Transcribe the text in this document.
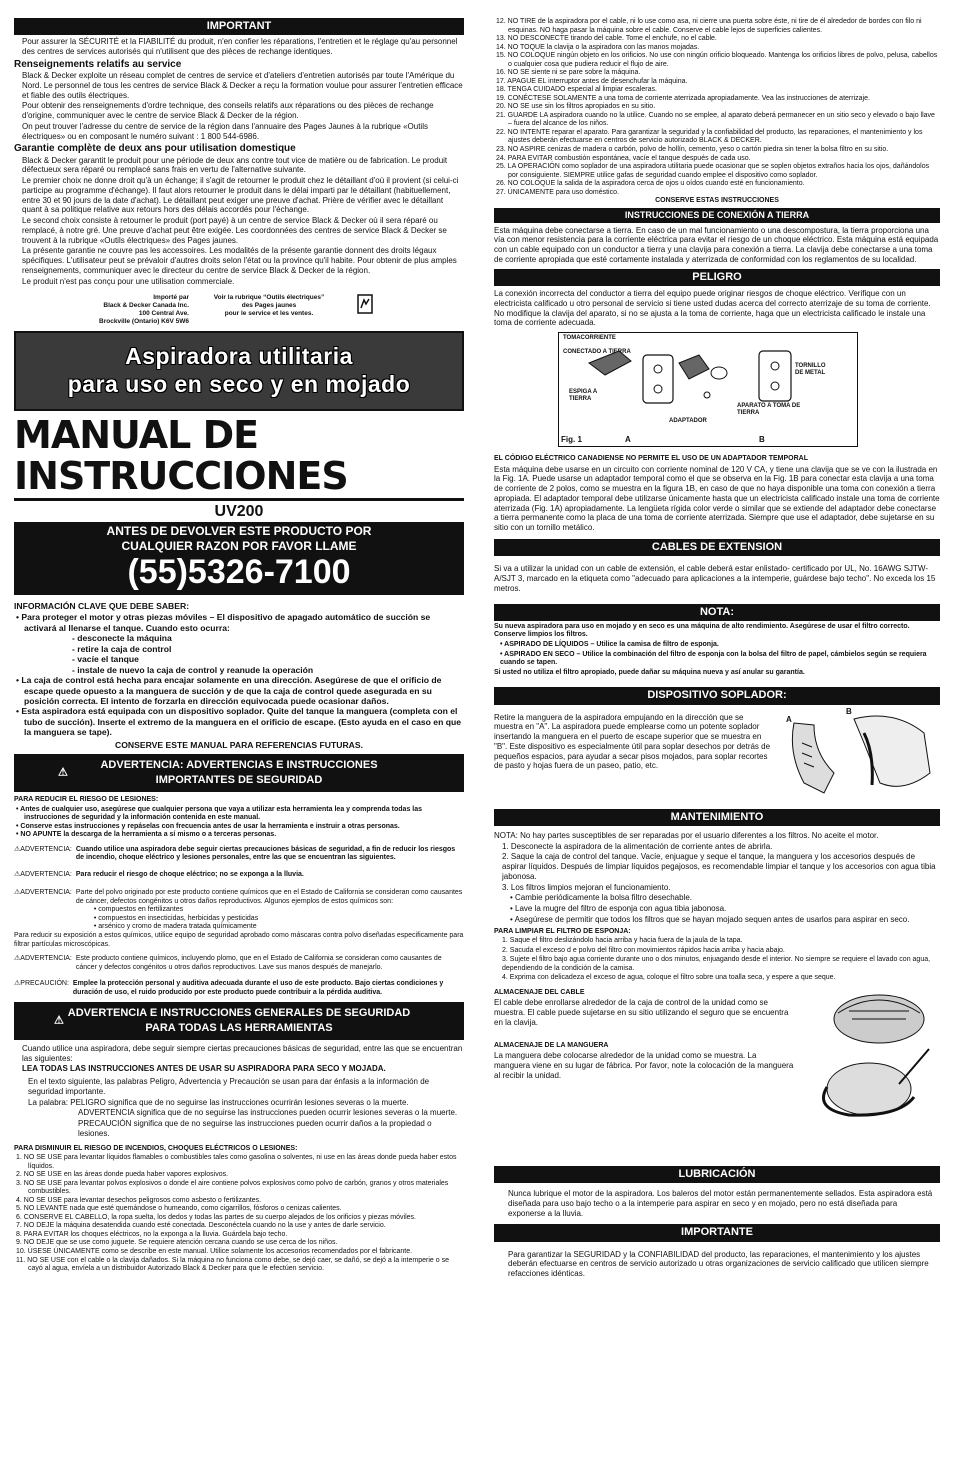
IMPORTANT

Pour assurer la SÉCURITÉ et la FIABILITÉ du produit, n'en confier les réparations, l'entretien et le réglage qu'au personnel des centres de services autorisés qui n'utilisent que des pièces de rechange identiques.

Renseignements relatifs au service

Black & Decker exploite un réseau complet de centres de service et d'ateliers d'entretien autorisés par toute l'Amérique du Nord. Le personnel de tous les centres de service Black & Decker a reçu la formation voulue pour assurer l'entretien efficace et fiable des outils électriques.

Pour obtenir des renseignements d'ordre technique, des conseils relatifs aux réparations ou des pièces de rechange d'origine, communiquer avec le centre de service Black & Decker de la région.

On peut trouver l'adresse du centre de service de la région dans l'annuaire des Pages Jaunes à la rubrique «Outils électriques» ou en composant le numéro suivant : 1 800 544-6986.

Garantie complète de deux ans pour utilisation domestique

Black & Decker garantit le produit pour une période de deux ans contre tout vice de matière ou de fabrication. Le produit défectueux sera réparé ou remplacé sans frais en vertu de l'alternative suivante.

Le premier choix ne donne droit qu'à un échange; il s'agit de retourner le produit chez le détaillant d'où il provient (si celui-ci participe au programme d'échange). Il faut alors retourner le produit dans le délai imparti par le détaillant (habituellement, entre 30 et 90 jours de la date d'achat). Le détaillant peut exiger une preuve d'achat. Prière de vérifier avec le détaillant quant à sa politique relative aux retours hors des délais accordés pour l'échange.

Le second choix consiste à retourner le produit (port payé) à un centre de service Black & Decker où il sera réparé ou remplacé, à notre gré. Une preuve d'achat peut être exigée. Les coordonnées des centres de service Black & Decker se trouvent à la rubrique «Outils électriques» des Pages jaunes.

La présente garantie ne couvre pas les accessoires. Les modalités de la présente garantie donnent des droits légaux spécifiques. L'utilisateur peut se prévaloir d'autres droits selon l'état ou la province qu'il habite. Pour obtenir de plus amples renseignements, communiquer avec le directeur du centre de service Black & Decker de la région.

Le produit n'est pas conçu pour une utilisation commerciale.

Importé par
Black & Decker Canada Inc.
100 Central Ave.
Brockville (Ontario) K6V 5W6
Voir la rubrique “Outils électriques”
des Pages jaunes
pour le service et les ventes.
Aspiradora utilitaria
para uso en seco y en mojado
MANUAL DE INSTRUCCIONES
UV200
ANTES DE DEVOLVER ESTE PRODUCTO POR
CUALQUIER RAZON POR FAVOR LLAME
(55)5326-7100

INFORMACIÓN CLAVE QUE DEBE SABER:

• Para proteger el motor y otras piezas móviles – El dispositivo de apagado automático de succión se activará al llenarse el tanque. Cuando esto ocurra:
- desconecte la máquina
- retire la caja de control
- vacíe el tanque
- instale de nuevo la caja de control y reanude la operación
• La caja de control está hecha para encajar solamente en una dirección. Asegúrese de que el orificio de escape quede opuesto a la manguera de succión y de que la caja de control quede asegurada en su posición correcta. El intento de forzarla en dirección equivocada puede ocasionar daños.
• Esta aspiradora está equipada con un dispositivo soplador. Quite del tanque la manguera (completa con el tubo de succión). Inserte el extremo de la manguera en el orificio de escape. (Esto ayuda en el caso en que la manguera se tape).

CONSERVE ESTE MANUAL PARA REFERENCIAS FUTURAS.

⚠
ADVERTENCIA: ADVERTENCIAS E INSTRUCCIONES
IMPORTANTES DE SEGURIDAD

PARA REDUCIR EL RIESGO DE LESIONES:

• Antes de cualquier uso, asegúrese que cualquier persona que vaya a utilizar esta herramienta lea y comprenda todas las instrucciones de seguridad y la información contenida en este manual.
• Conserve estas instrucciones y repáselas con frecuencia antes de usar la herramienta e instruir a otras personas.
• NO APUNTE la descarga de la herramienta a sí mismo o a terceras personas.
⚠ADVERTENCIA: Cuando utilice una aspiradora debe seguir ciertas precauciones básicas de seguridad, a fin de reducir los riesgos de incendio, choque eléctrico y lesiones personales, entre las que se encuentran las siguientes.
⚠ADVERTENCIA: Para reducir el riesgo de choque eléctrico; no se exponga a la lluvia.
⚠ADVERTENCIA: Parte del polvo originado por este producto contiene químicos que en el Estado de California se consideran como causantes de cáncer, defectos congénitos u otros daños reproductivos. Algunos ejemplos de estos químicos son:
• compuestos en fertilizantes
• compuestos en insecticidas, herbicidas y pesticidas
• arsénico y cromo de madera tratada químicamente

Para reducir su exposición a estos químicos, utilice equipo de seguridad aprobado como máscaras contra polvo diseñadas especificamente para filtrar partículas microscópicas.

⚠ADVERTENCIA: Este producto contiene químicos, incluyendo plomo, que en el Estado de California se consideran como causantes de cáncer y defectos congénitos u otros daños reproductivos. Lave sus manos después de manejarlo.
⚠PRECAUCIÓN: Emplee la protección personal y auditiva adecuada durante el uso de este producto. Bajo ciertas condiciones y duración de uso, el ruido producido por este producto puede contribuir a la pérdida auditiva.
⚠
ADVERTENCIA E INSTRUCCIONES GENERALES DE SEGURIDAD
PARA TODAS LAS HERRAMIENTAS

Cuando utilice una aspiradora, debe seguir siempre ciertas precauciones básicas de seguridad, entre las que se encuentran las siguientes:

LEA TODAS LAS INSTRUCCIONES ANTES DE USAR SU ASPIRADORA PARA SECO Y MOJADA.

En el texto siguiente, las palabras Peligro, Advertencia y Precaución se usan para dar énfasis a la información de seguridad importante.

La palabra: PELIGRO significa que de no seguirse las instrucciones ocurrirán lesiones severas o la muerte.

ADVERTENCIA significa que de no seguirse las instrucciones pueden ocurrir lesiones severas o la muerte.

PRECAUCIÓN significa que de no seguirse las instrucciones pueden ocurrir daños a la propiedad o lesiones.

PARA DISMINUIR EL RIESGO DE INCENDIOS, CHOQUES ELÉCTRICOS O LESIONES:

1. NO SE USE para levantar líquidos flamables o combustibles tales como gasolina o solventes, ni use en las áreas donde pueda haber estos líquidos.
2. NO SE USE en las áreas donde pueda haber vapores explosivos.
3. NO SE USE para levantar polvos explosivos o donde el aire contiene polvos explosivos como polvo de carbón, granos y otros materiales combustibles.
4. NO SE USE para levantar desechos peligrosos como asbesto o fertilizantes.
5. NO LEVANTE nada que esté quemándose o humeando, como cigarrillos, fósforos o cenizas calientes.
6. CONSERVE EL CABELLO, la ropa suelta, los dedos y todas las partes de su cuerpo alejados de los orificios y piezas móviles.
7. NO DEJE la máquina desatendida cuando esté conectada. Desconéctela cuando no la use y antes de darle servicio.
8. PARA EVITAR los choques eléctricos, no la exponga a la lluvia. Guárdela bajo techo.
9. NO DEJE que se use como juguete. Se requiere atención cercana cuando se use cerca de los niños.
10. ÚSESE ÚNICAMENTE como se describe en este manual. Utilice solamente los accesorios recomendados por el fabricante.
11. NO SE USE con el cable o la clavija dañados. Si la máquina no funciona como debe, se dejó caer, se dañó, se dejó a la intemperie o se cayó al agua, envíela a un distribuidor Autorizado Black & Decker para que le efectúen servicio.
12. NO TIRE de la aspiradora por el cable, ni lo use como asa, ni cierre una puerta sobre éste, ni tire de él alrededor de bordes con filo ni esquinas. NO haga pasar la máquina sobre el cable. Conserve el cable lejos de superficies calientes.
13. NO DESCONECTE tirando del cable. Tome el enchufe, no el cable.
14. NO TOQUE la clavija o la aspiradora con las manos mojadas.
15. NO COLOQUE ningún objeto en los orificios. No use con ningún orificio bloqueado. Mantenga los orificios libres de polvo, pelusa, cabellos o cualquier cosa que pudiera reducir el flujo de aire.
16. NO SE siente ni se pare sobre la máquina.
17. APAGUE EL interruptor antes de desenchufar la máquina.
18. TENGA CUIDADO especial al limpiar escaleras.
19. CONÉCTESE SOLAMENTE a una toma de corriente aterrizada apropiadamente. Vea las instrucciones de aterrizaje.
20. NO SE use sin los filtros apropiados en su sitio.
21. GUARDE LA aspiradora cuando no la utilice. Cuando no se emplee, al aparato deberá permanecer en un sitio seco y elevado o bajo llave – fuera del alcance de los niños.
22. NO INTENTE reparar el aparato. Para garantizar la seguridad y la confiabilidad del producto, las reparaciones, el mantenimiento y los ajustes deberán efectuarse en centros de servicio autorizado BLACK & DECKER.
23. NO ASPIRE cenizas de madera o carbón, polvo de hollín, cemento, yeso o cartón piedra sin tener la bolsa filtro en su sitio.
24. PARA EVITAR combustión espontánea, vacíe el tanque después de cada uso.
25. LA OPERACIÓN como soplador de una aspiradora utilitaria puede ocasionar que se soplen objetos extraños hacia los ojos, dañándolos por consiguiente. SIEMPRE utilice gafas de seguridad cuando emplee el dispositivo como soplador.
26. NO COLOQUE la salida de la aspiradora cerca de ojos u oídos cuando esté en funcionamiento.
27. ÚNICAMENTE para uso doméstico.

CONSERVE ESTAS INSTRUCCIONES

INSTRUCCIONES DE CONEXIÓN A TIERRA

Esta máquina debe conectarse a tierra. En caso de un mal funcionamiento o una descompostura, la tierra proporciona una vía con menor resistencia para la corriente eléctrica para evitar el riesgo de un choque eléctrico. Esta máquina está equipada con un cable equipado con un conductor a tierra y una clavija para conexión a tierra. La clavija debe conectarse a una toma de corriente apropiada que esté cortamente instalada y aterrizada de conformidad con los reglamentos de su localidad.

PELIGRO

La conexión incorrecta del conductor a tierra del equipo puede originar riesgos de choque eléctrico. Verifique con un electricista calificado u otro personal de servicio si tiene usted dudas acerca del correcto aterrizaje de su toma de corriente. No modifique la clavija del aparato, si no se ajusta a la toma de corriente, haga que un electricista calificado le instale una toma de corriente adecuada.

TOMACORRIENTE
CONECTADO A TIERRA
ESPIGA A TIERRA
ADAPTADOR
APARATO A TOMA DE TIERRA
TORNILLO DE METAL
Fig. 1	A	B

EL CÓDIGO ELÉCTRICO CANADIENSE NO PERMITE EL USO DE UN ADAPTADOR TEMPORAL

Esta máquina debe usarse en un circuito con corriente nominal de 120 V CA, y tiene una clavija que se ve con la ilustrada en la Fig. 1A. Puede usarse un adaptador temporal como el que se observa en la Fig. 1B para conectar esta clavija a una toma de corriente de 2 polos, como se muestra en la figura 1B, en caso de que no haya disponible una toma con conexión a tierra apropiada. El adaptador temporal debe utilizarse únicamente hasta que un electricista calificado instale una toma de corriente aterrizada (Fig. 1A) apropiadamente. La lengüeta rígida color verde o similar que se extiende del adaptador debe conectarse a tierra permanente como la placa de una toma de corriente aterrizada. Siempre que use el adaptador, debe sujetarse en su sitio con un tornillo metálico.

CABLES DE EXTENSION

Si va a utilizar la unidad con un cable de extensión, el cable deberá estar enlistado- certificado por UL, No. 16AWG SJTW-A/SJT 3, marcado en la etiqueta como "adecuado para aplicaciones a la intemperie, guárdese bajo techo". No exceda los 15 metros.

NOTA:

Su nueva aspiradora para uso en mojado y en seco es una máquina de alto rendimiento. Asegúrese de usar el filtro correcto. Conserve limpios los filtros.

• ASPIRADO DE LÍQUIDOS – Utilice la camisa de filtro de esponja.

• ASPIRADO EN SECO – Utilice la combinación del filtro de esponja con la bolsa del filtro de papel, cámbielos según se requiera cuando se tapen.

Si usted no utiliza el filtro apropiado, puede dañar su máquina nueva y así anular su garantía.

DISPOSITIVO SOPLADOR:

Retire la manguera de la aspiradora empujando en la dirección que se muestra en "A". La aspiradora puede emplearse como un potente soplador insertando la manguera en el puerto de escape superior que se muestra en "B". Este dispositivo es especialmente útil para soplar desechos por detrás de pequeños espacios, para ayudar a secar pisos mojados, para soplar recortes de pasto y hojas fuera de un paseo, patio, etc.

A
B
MANTENIMIENTO

NOTA: No hay partes susceptibles de ser reparadas por el usuario diferentes a los filtros. No aceite el motor.

1. Desconecte la aspiradora de la alimentación de corriente antes de abrirla.

2. Saque la caja de control del tanque. Vacíe, enjuague y seque el tanque, la manguera y los accesorios después de aspirar líquidos. Después de limpiar líquidos pegajosos, es recomendable limpiar el tanque y los accesorios con agua tibia jabonosa.

3. Los filtros limpios mejoran el funcionamiento.

• Cambie periódicamente la bolsa filtro desechable.

• Lave la mugre del filtro de esponja con agua tibia jabonosa.

• Asegúrese de permitir que todos los filtros que se hayan mojado sequen antes de usarlos para aspirar en seco.

PARA LIMPIAR EL FILTRO DE ESPONJA:

1. Saque el filtro deslizándolo hacia arriba y hacia fuera de la jaula de la tapa.

2. Sacuda el exceso d e polvo del filtro con movimientos rápidos hacia arriba y hacia abajo.

3. Sujete el filtro bajo agua corriente durante uno o dos minutos, enjuagando desde el interior. No siempre se requiere el lavado con agua, dependiendo de la condición de la camisa.

4. Exprima con delicadeza el exceso de agua, coloque el filtro sobre una toalla seca, y espere a que seque.

ALMACENAJE DEL CABLE

El cable debe enrollarse alrededor de la caja de control de la unidad como se muestra. El cable puede sujetarse en su sitio utilizando el seguro que se encuentra en la clavija.

ALMACENAJE DE LA MANGUERA

La manguera debe colocarse alrededor de la unidad como se muestra. La manguera viene en su lugar de fábrica. Por favor, note la colocación de la manguera al recibir la unidad.

LUBRICACIÓN

Nunca lubrique el motor de la aspiradora. Los baleros del motor están permanentemente sellados. Esta aspiradora está diseñada para uso bajo techo o a la intemperie para aspirar en seco y en mojado, pero no está diseñada para exponerse a la lluvia.

IMPORTANTE

Para garantizar la SEGURIDAD y la CONFIABILIDAD del producto, las reparaciones, el mantenimiento y los ajustes deberán efectuarse en centros de servicio autorizado u otras organizaciones de servicio calificado que utilicen siempre refacciones idénticas.
